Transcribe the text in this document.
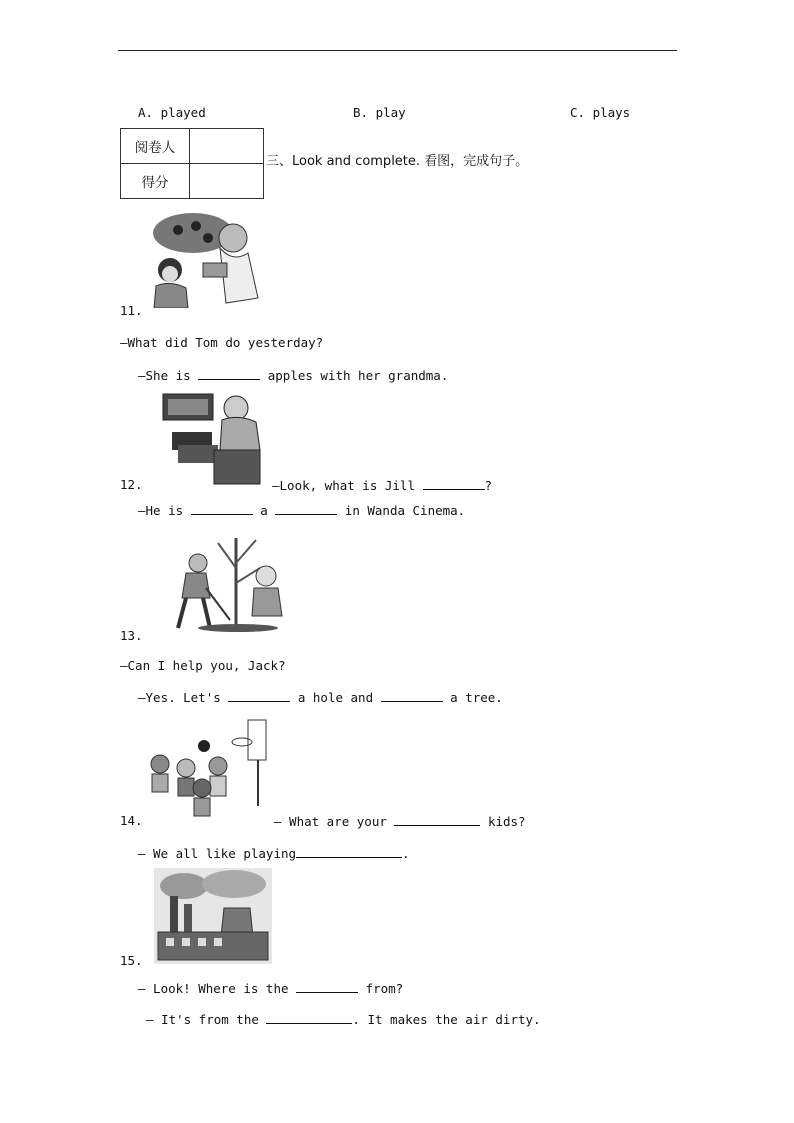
A. played	B. play	C. plays
阅卷人	
得分	
三、Look and complete. 看图，完成句子。
11.
—What did Tom do yesterday?
—She is	apples with her grandma.
12.	—Look, what is Jill	?
—He is	a	in Wanda Cinema.
13.
—Can I help you, Jack?
—Yes. Let's	a hole and	a tree.
14.	— What are your	kids?
— We all like playing	.
15.
— Look! Where is the	from?
— It's from the	. It makes the air dirty.
